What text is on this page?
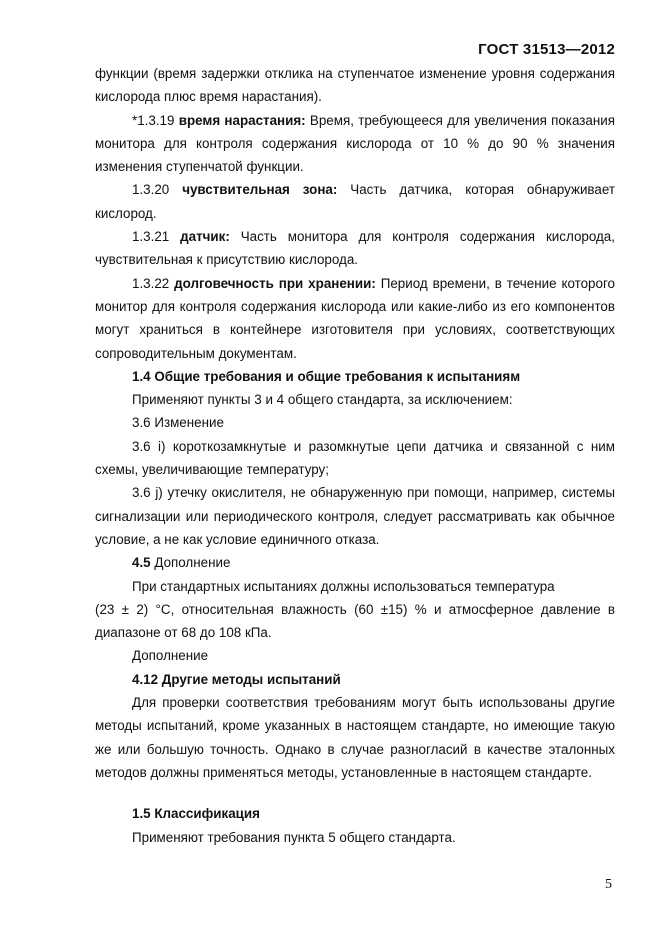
ГОСТ 31513—2012

функции (время задержки отклика на ступенчатое изменение уровня содержания кислорода плюс время нарастания).

*1.3.19 время нарастания: Время, требующееся для увеличения показания монитора для контроля содержания кислорода от 10 % до 90 % значения изменения ступенчатой функции.

1.3.20 чувствительная зона: Часть датчика, которая обнаруживает кислород.

1.3.21 датчик: Часть монитора для контроля содержания кислорода, чувствительная к присутствию кислорода.

1.3.22 долговечность при хранении: Период времени, в течение которого монитор для контроля содержания кислорода или какие-либо из его компонентов могут храниться в контейнере изготовителя при условиях, соответствующих сопроводительным документам.

1.4 Общие требования и общие требования к испытаниям

Применяют пункты 3 и 4 общего стандарта, за исключением:

3.6 Изменение

3.6 i) короткозамкнутые и разомкнутые цепи датчика и связанной с ним схемы, увеличивающие температуру;

3.6 j) утечку окислителя, не обнаруженную при помощи, например, системы сигнализации или периодического контроля, следует рассматривать как обычное условие, а не как условие единичного отказа.

4.5 Дополнение

При стандартных испытаниях должны использоваться температура

(23 ± 2) °C, относительная влажность (60 ±15) % и атмосферное давление в диапазоне от 68 до 108 кПа.

Дополнение

4.12 Другие методы испытаний

Для проверки соответствия требованиям могут быть использованы другие методы испытаний, кроме указанных в настоящем стандарте, но имеющие такую же или большую точность. Однако в случае разногласий в качестве эталонных методов должны применяться методы, установленные в настоящем стандарте.

1.5 Классификация

Применяют требования пункта 5 общего стандарта.

5
